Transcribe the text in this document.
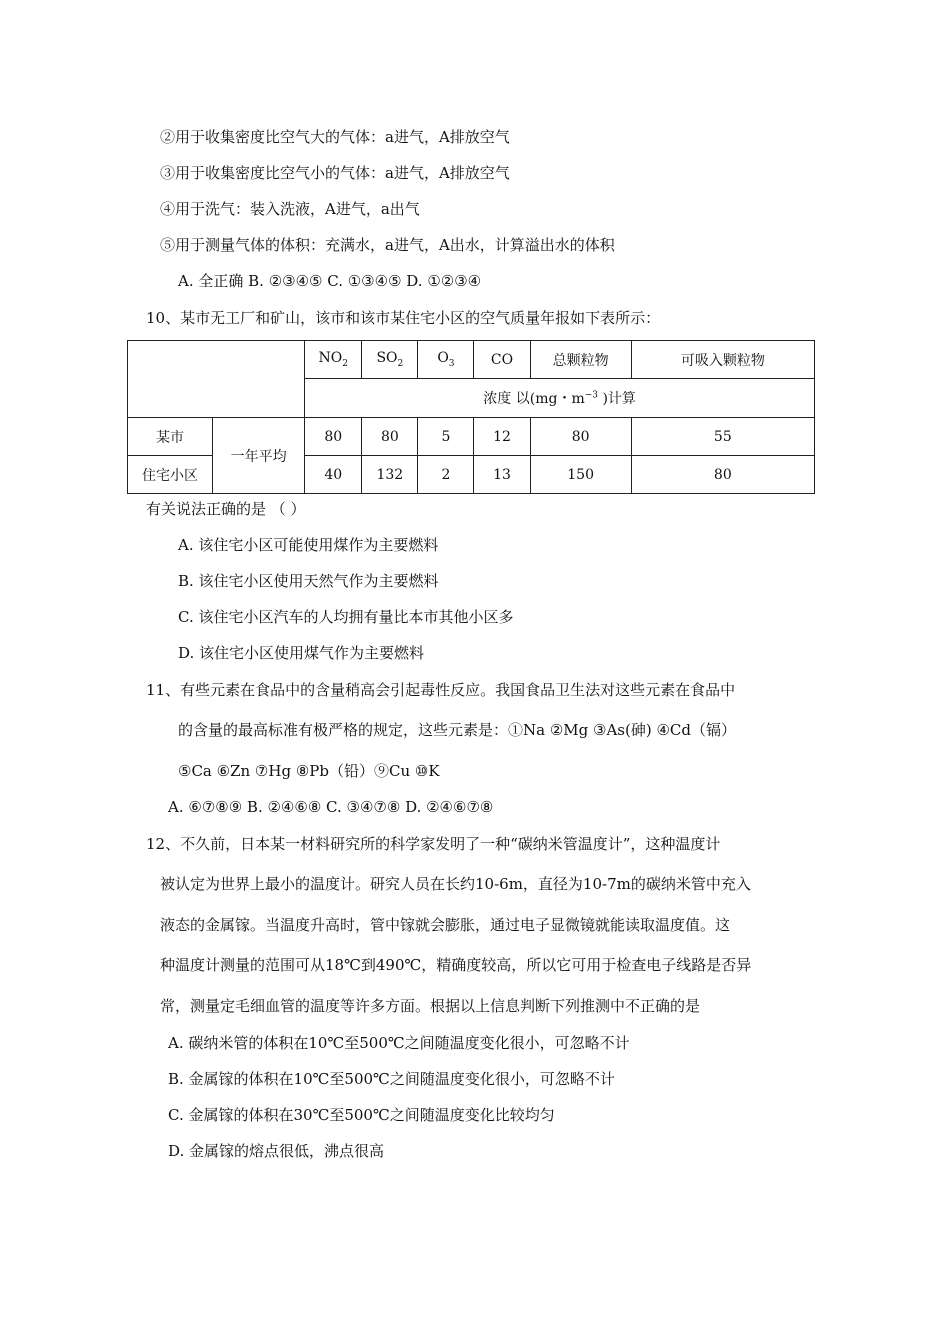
②用于收集密度比空气大的气体：a进气，A排放空气
③用于收集密度比空气小的气体：a进气，A排放空气
④用于洗气：装入洗液，A进气，a出气
⑤用于测量气体的体积：充满水，a进气，A出水，计算溢出水的体积
A. 全正确 B. ②③④⑤ C. ①③④⑤ D. ①②③④
10、某市无工厂和矿山，该市和该市某住宅小区的空气质量年报如下表所示：
		$NO_2$	$SO_2$	$O_3$	CO	总颗粒物	可吸入颗粒物
		浓度 以(mg・$m^{-3}$ )计算					
某市	一年平均	80	80	5	12	80	55
住宅小区		40	132	2	13	150	80
有关说法正确的是 （ ）
A. 该住宅小区可能使用煤作为主要燃料
B. 该住宅小区使用天然气作为主要燃料
C. 该住宅小区汽车的人均拥有量比本市其他小区多
D. 该住宅小区使用煤气作为主要燃料
11、有些元素在食品中的含量稍高会引起毒性反应。我国食品卫生法对这些元素在食品中
的含量的最高标准有极严格的规定，这些元素是：①Na ②Mg ③As(砷) ④Cd（镉）
⑤Ca ⑥Zn ⑦Hg ⑧Pb（铅）⑨Cu ⑩K
A. ⑥⑦⑧⑨ B. ②④⑥⑧ C. ③④⑦⑧ D. ②④⑥⑦⑧
12、不久前，日本某一材料研究所的科学家发明了一种“碳纳米管温度计”，这种温度计
被认定为世界上最小的温度计。研究人员在长约10-6m，直径为10-7m的碳纳米管中充入
液态的金属镓。当温度升高时，管中镓就会膨胀，通过电子显微镜就能读取温度值。这
种温度计测量的范围可从18℃到490℃，精确度较高，所以它可用于检查电子线路是否异
常，测量定毛细血管的温度等许多方面。根据以上信息判断下列推测中不正确的是
A. 碳纳米管的体积在10℃至500℃之间随温度变化很小，可忽略不计
B. 金属镓的体积在10℃至500℃之间随温度变化很小，可忽略不计
C. 金属镓的体积在30℃至500℃之间随温度变化比较均匀
D. 金属镓的熔点很低，沸点很高
